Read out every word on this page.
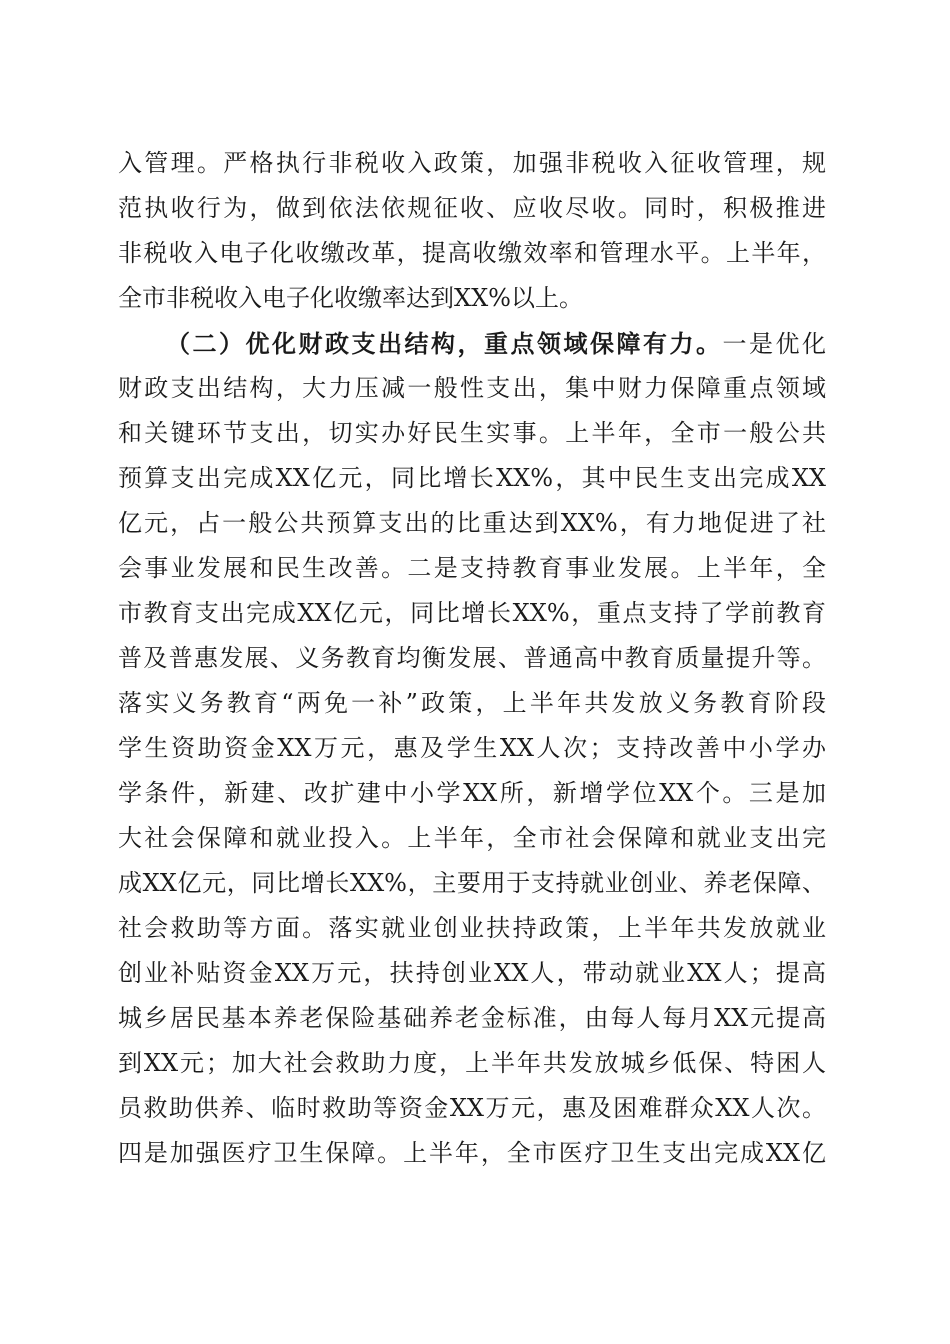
入管理。严格执行非税收入政策，加强非税收入征收管理，规
范执收行为，做到依法依规征收、应收尽收。同时，积极推进
非税收入电子化收缴改革，提高收缴效率和管理水平。上半年，
全市非税收入电子化收缴率达到XX%以上。
（二）优化财政支出结构，重点领域保障有力。一是优化
财政支出结构，大力压减一般性支出，集中财力保障重点领域
和关键环节支出，切实办好民生实事。上半年，全市一般公共
预算支出完成XX亿元，同比增长XX%，其中民生支出完成XX
亿元，占一般公共预算支出的比重达到XX%，有力地促进了社
会事业发展和民生改善。二是支持教育事业发展。上半年，全
市教育支出完成XX亿元，同比增长XX%，重点支持了学前教育
普及普惠发展、义务教育均衡发展、普通高中教育质量提升等。
落实义务教育“两免一补”政策，上半年共发放义务教育阶段
学生资助资金XX万元，惠及学生XX人次；支持改善中小学办
学条件，新建、改扩建中小学XX所，新增学位XX个。三是加
大社会保障和就业投入。上半年，全市社会保障和就业支出完
成XX亿元，同比增长XX%，主要用于支持就业创业、养老保障、
社会救助等方面。落实就业创业扶持政策，上半年共发放就业
创业补贴资金XX万元，扶持创业XX人，带动就业XX人；提高
城乡居民基本养老保险基础养老金标准，由每人每月XX元提高
到XX元；加大社会救助力度，上半年共发放城乡低保、特困人
员救助供养、临时救助等资金XX万元，惠及困难群众XX人次。
四是加强医疗卫生保障。上半年，全市医疗卫生支出完成XX亿
